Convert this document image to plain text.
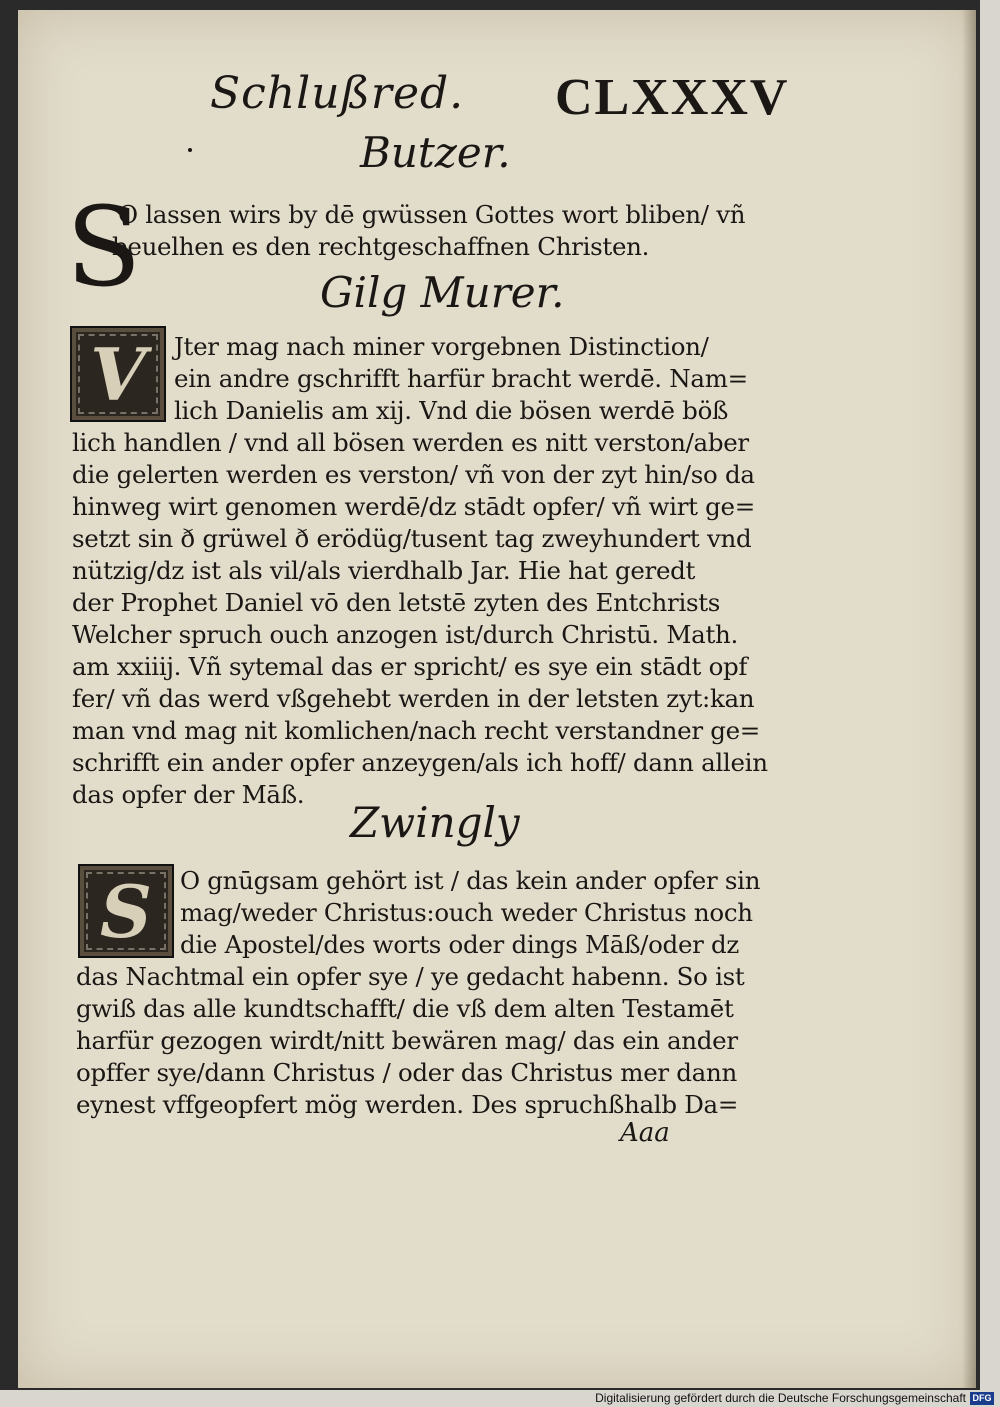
Schlußred. CLXXXV
Butzer.
S
O lassen wirs by dē gwüssen Gottes wort bliben/ vñ
beuelhen es den rechtgeschaffnen Christen.
Gilg Murer.
V	Jter mag nach miner vorgebnen Distinction/
ein andre gschrifft harfür bracht werdē. Nam=
lich Danielis am xij. Vnd die bösen werdē böß
lich handlen / vnd all bösen werden es nitt verston/aber
die gelerten werden es verston/ vñ von der zyt hin/so da
hinweg wirt genomen werdē/dz stādt opfer/ vñ wirt ge=
setzt sin ð grüwel ð erödüg/tusent tag zweyhundert vnd
nützig/dz ist als vil/als vierdhalb Jar. Hie hat geredt
der Prophet Daniel vō den letstē zyten des Entchrists
Welcher spruch ouch anzogen ist/durch Christū. Math.
am xxiiij. Vñ sytemal das er spricht/ es sye ein stādt opf
fer/ vñ das werd vßgehebt werden in der letsten zyt:kan
man vnd mag nit komlichen/nach recht verstandner ge=
schrifft ein ander opfer anzeygen/als ich hoff/ dann allein
das opfer der Māß.
Zwingly
S	O gnūgsam gehört ist / das kein ander opfer sin
mag/weder Christus:ouch weder Christus noch
die Apostel/des worts oder dings Māß/oder dz
das Nachtmal ein opfer sye / ye gedacht habenn. So ist
gwiß das alle kundtschafft/ die vß dem alten Testamēt
harfür gezogen wirdt/nitt bewären mag/ das ein ander
opffer sye/dann Christus / oder das Christus mer dann
eynest vffgeopfert mög werden. Des spruchßhalb Da=
Aaa
Digitalisierung gefördert durch die Deutsche Forschungsgemeinschaft DFG
